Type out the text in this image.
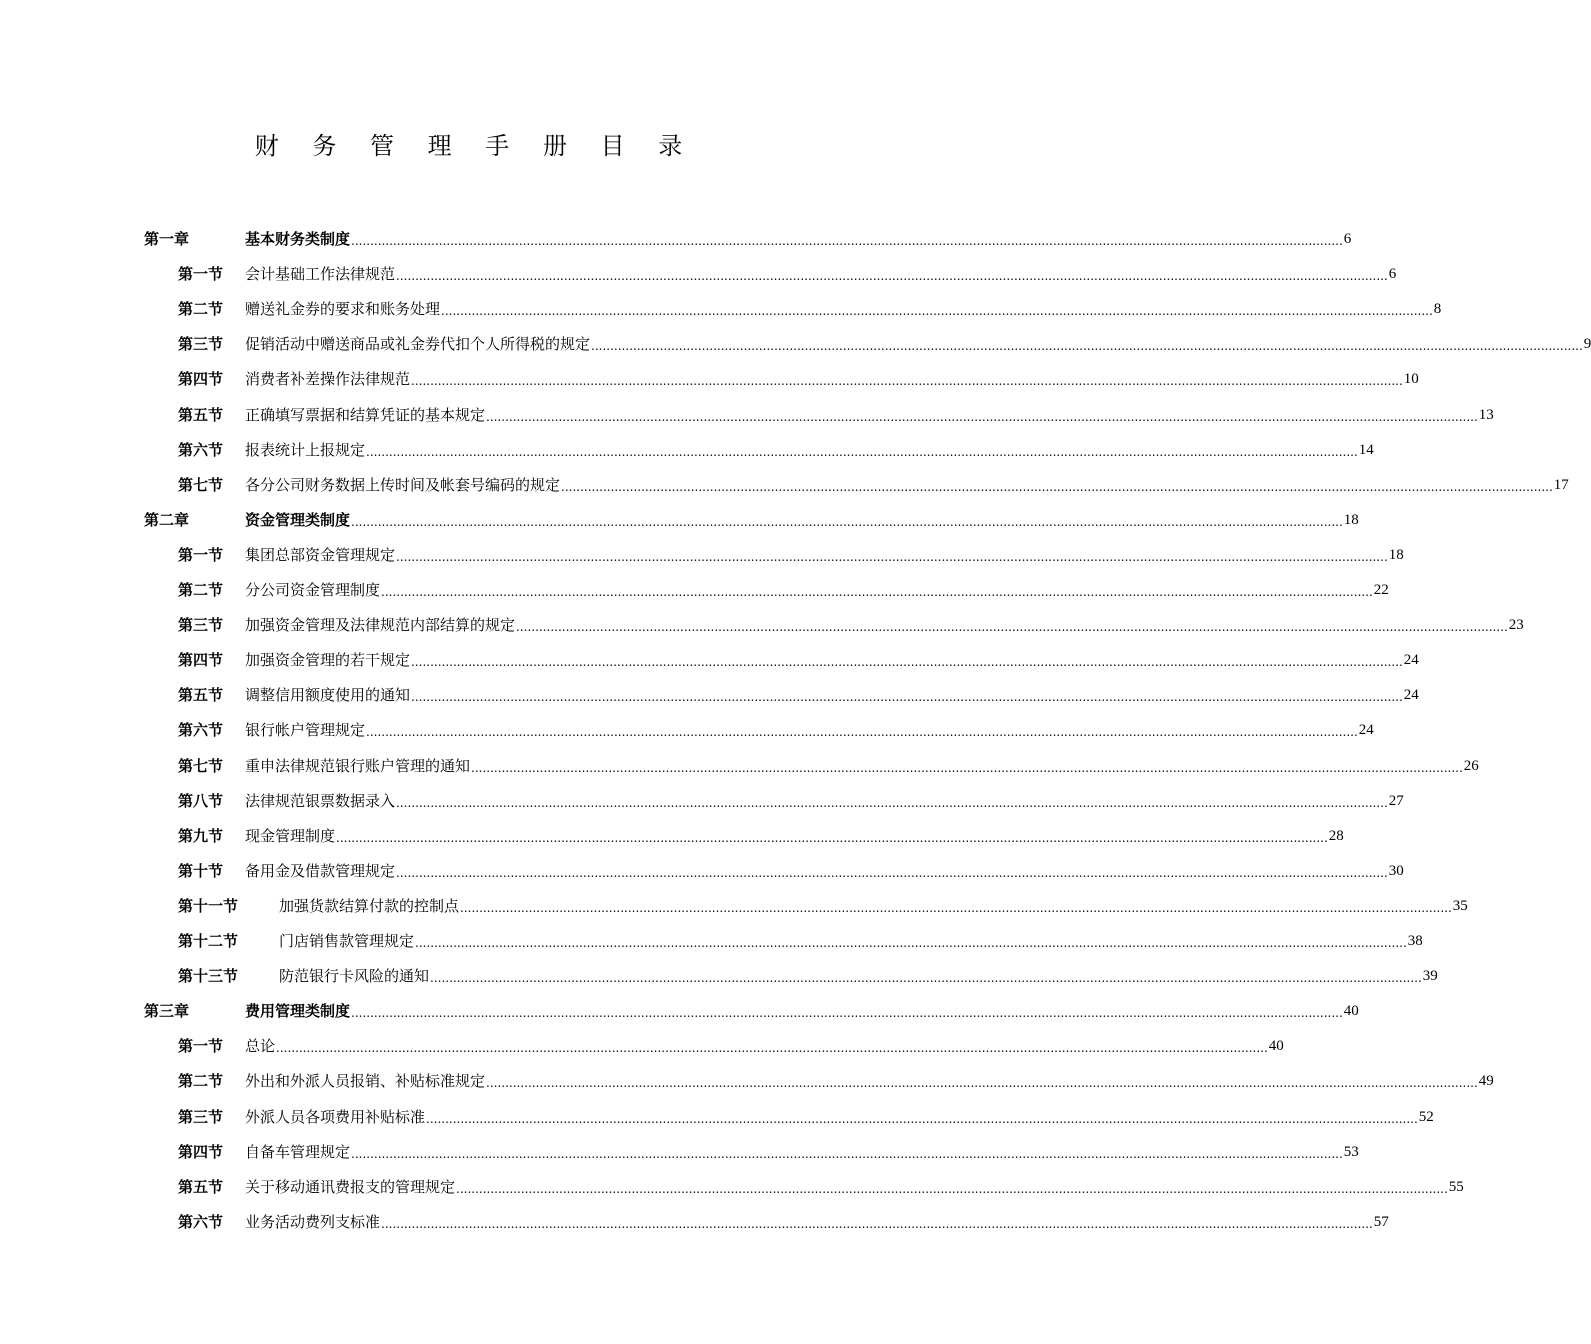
财 务 管 理 手 册 目 录
第一章	基本财务类制度 .................................................................................................................................................................................................................................................................... 6
第一节	会计基础工作法律规范 .................................................................................................................................................................................................................................................................... 6
第二节	赠送礼金券的要求和账务处理 .................................................................................................................................................................................................................................................................... 8
第三节	促销活动中赠送商品或礼金券代扣个人所得税的规定 .................................................................................................................................................................................................................................................................... 9
第四节	消费者补差操作法律规范 .................................................................................................................................................................................................................................................................... 10
第五节	正确填写票据和结算凭证的基本规定 .................................................................................................................................................................................................................................................................... 13
第六节	报表统计上报规定 .................................................................................................................................................................................................................................................................... 14
第七节	各分公司财务数据上传时间及帐套号编码的规定 .................................................................................................................................................................................................................................................................... 17
第二章	资金管理类制度 .................................................................................................................................................................................................................................................................... 18
第一节	集团总部资金管理规定 .................................................................................................................................................................................................................................................................... 18
第二节	分公司资金管理制度 .................................................................................................................................................................................................................................................................... 22
第三节	加强资金管理及法律规范内部结算的规定 .................................................................................................................................................................................................................................................................... 23
第四节	加强资金管理的若干规定 .................................................................................................................................................................................................................................................................... 24
第五节	调整信用额度使用的通知 .................................................................................................................................................................................................................................................................... 24
第六节	银行帐户管理规定 .................................................................................................................................................................................................................................................................... 24
第七节	重申法律规范银行账户管理的通知 .................................................................................................................................................................................................................................................................... 26
第八节	法律规范银票数据录入 .................................................................................................................................................................................................................................................................... 27
第九节	现金管理制度 .................................................................................................................................................................................................................................................................... 28
第十节	备用金及借款管理规定 .................................................................................................................................................................................................................................................................... 30
第十一节	加强货款结算付款的控制点 .................................................................................................................................................................................................................................................................... 35
第十二节	门店销售款管理规定 .................................................................................................................................................................................................................................................................... 38
第十三节	防范银行卡风险的通知 .................................................................................................................................................................................................................................................................... 39
第三章	费用管理类制度 .................................................................................................................................................................................................................................................................... 40
第一节	总论 .................................................................................................................................................................................................................................................................... 40
第二节	外出和外派人员报销、补贴标准规定 .................................................................................................................................................................................................................................................................... 49
第三节	外派人员各项费用补贴标准 .................................................................................................................................................................................................................................................................... 52
第四节	自备车管理规定 .................................................................................................................................................................................................................................................................... 53
第五节	关于移动通讯费报支的管理规定 .................................................................................................................................................................................................................................................................... 55
第六节	业务活动费列支标准 .................................................................................................................................................................................................................................................................... 57
